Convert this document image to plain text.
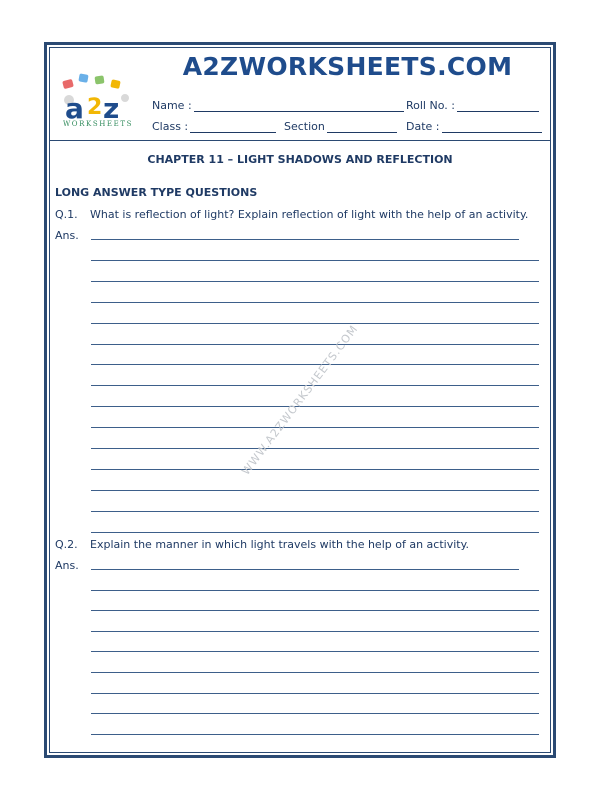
a 2 z
WORKSHEETS
A2ZWORKSHEETS.COM
Name :	Roll No. :
Class :	Section	Date :
CHAPTER 11 – LIGHT SHADOWS AND REFLECTION
LONG ANSWER TYPE QUESTIONS
Q.1. What is reflection of light? Explain reflection of light with the help of an activity.
Ans.
Q.2. Explain the manner in which light travels with the help of an activity.
Ans.
WWW.A2ZWORKSHEETS.COM
